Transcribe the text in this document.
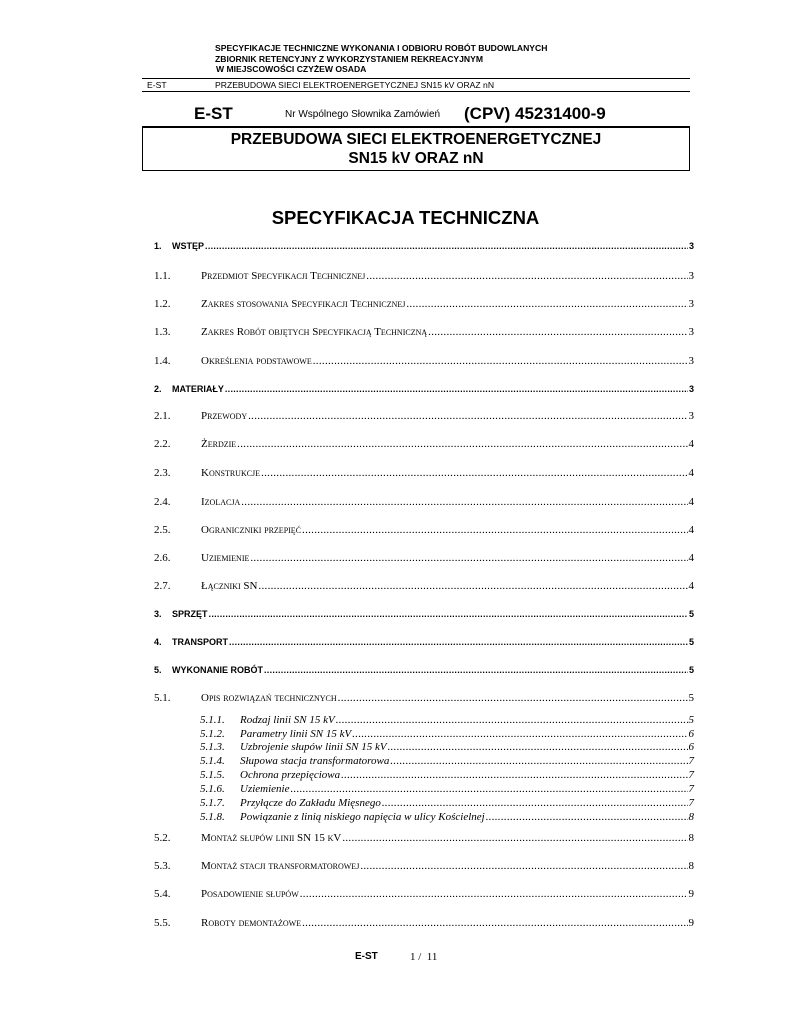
SPECYFIKACJE TECHNICZNE WYKONANIA I ODBIORU ROBÓT BUDOWLANYCH
ZBIORNIK RETENCYJNY Z WYKORZYSTANIEM REKREACYJNYM
W MIEJSCOWOŚCI CZYŻEW OSADA
E-ST	PRZEBUDOWA SIECI ELEKTROENERGETYCZNEJ SN15 kV ORAZ nN
E-ST	Nr Wspólnego Słownika Zamówień (CPV) 45231400-9
PRZEBUDOWA SIECI ELEKTROENERGETYCZNEJ
SN15 kV ORAZ nN
SPECYFIKACJA TECHNICZNA
1.	WSTĘP .....	3
1.1.	Przedmiot Specyfikacji Technicznej .....	3
1.2.	Zakres stosowania Specyfikacji Technicznej .....	3
1.3.	Zakres Robót objętych Specyfikacją Techniczną .....	3
1.4.	Określenia podstawowe .....	3
2.	MATERIAŁY .....	3
2.1.	Przewody .....	3
2.2.	Żerdzie .....	4
2.3.	Konstrukcje .....	4
2.4.	Izolacja .....	4
2.5.	Ograniczniki przepięć .....	4
2.6.	Uziemienie .....	4
2.7.	Łączniki SN .....	4
3.	SPRZĘT .....	5
4.	TRANSPORT .....	5
5.	WYKONANIE ROBÓT .....	5
5.1.	Opis rozwiązań technicznych .....	5
5.1.1.	Rodzaj linii SN 15 kV .....	5
5.1.2.	Parametry linii SN 15 kV .....	6
5.1.3.	Uzbrojenie słupów linii SN 15 kV .....	6
5.1.4.	Słupowa stacja transformatorowa .....	7
5.1.5.	Ochrona przepięciowa .....	7
5.1.6.	Uziemienie .....	7
5.1.7.	Przyłącze do Zakładu Mięsnego .....	7
5.1.8.	Powiązanie z linią niskiego napięcia w ulicy Kościelnej .....	8
5.2.	Montaż słupów linii SN 15 kV .....	8
5.3.	Montaż stacji transformatorowej .....	8
5.4.	Posadowienie słupów .....	9
5.5.	Roboty demontażowe .....	9
E-ST	1 /  11
